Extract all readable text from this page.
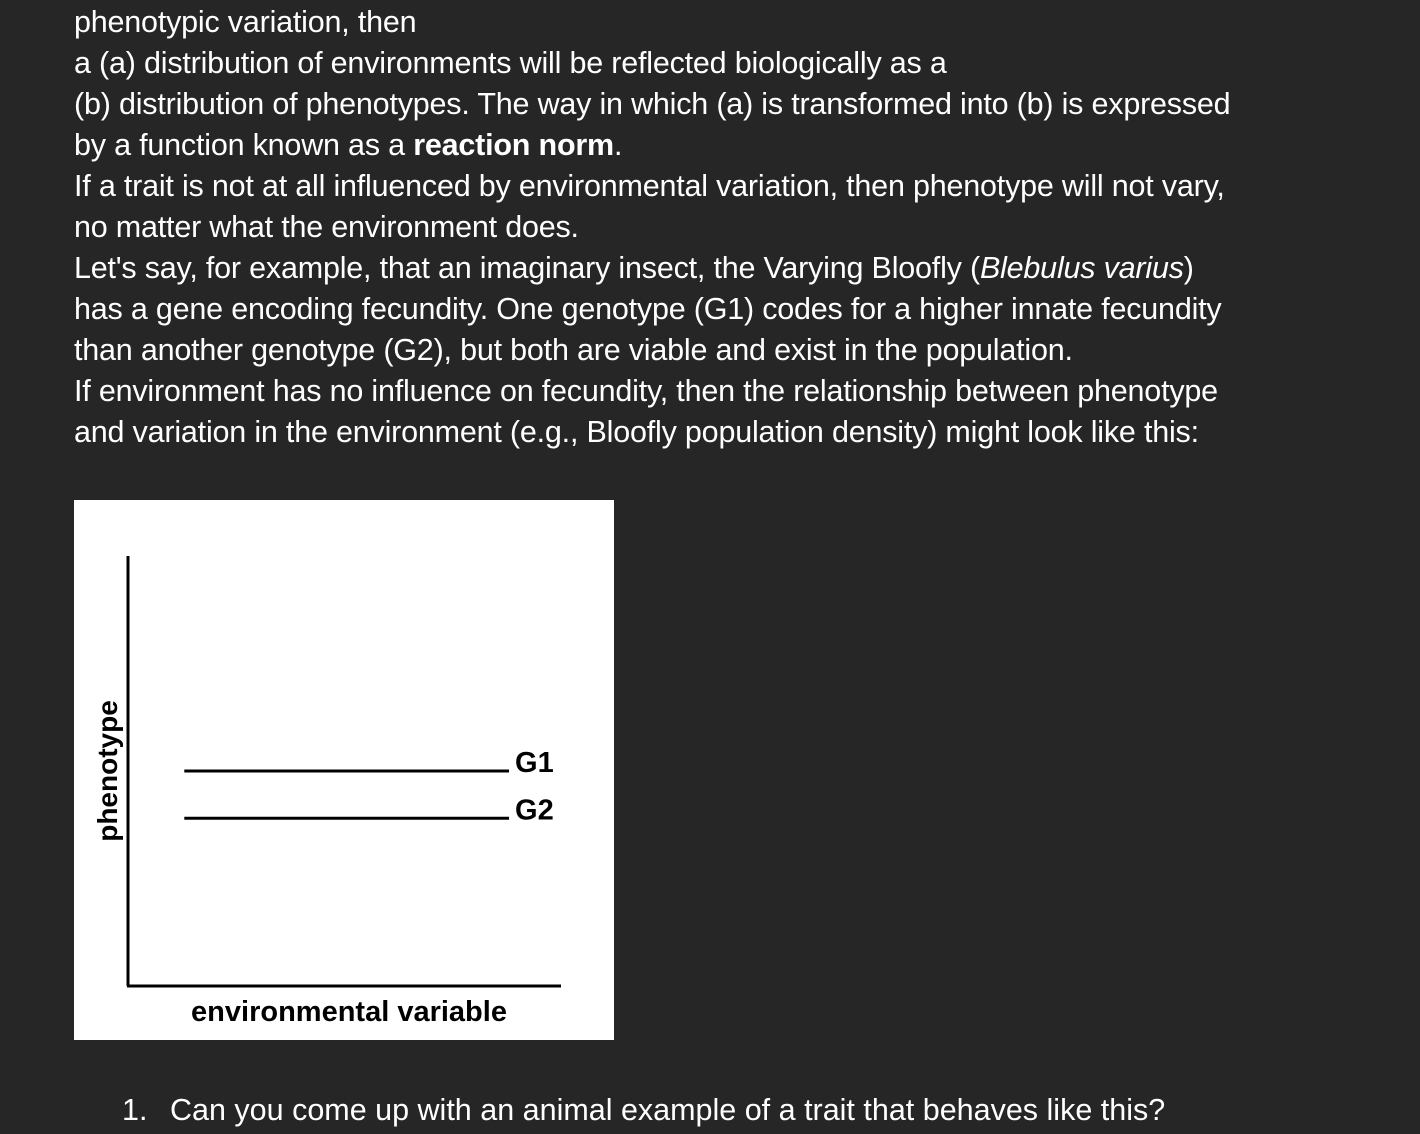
phenotypic variation, then
a (a) distribution of environments will be reflected biologically as a
(b) distribution of phenotypes. The way in which (a) is transformed into (b) is expressed
by a function known as a reaction norm.
If a trait is not at all influenced by environmental variation, then phenotype will not vary,
no matter what the environment does.
Let's say, for example, that an imaginary insect, the Varying Bloofly (Blebulus varius)
has a gene encoding fecundity. One genotype (G1) codes for a higher innate fecundity
than another genotype (G2), but both are viable and exist in the population.
If environment has no influence on fecundity, then the relationship between phenotype
and variation in the environment (e.g., Bloofly population density) might look like this:
phenotype
environmental variable
G1
G2
1. Can you come up with an animal example of a trait that behaves like this?
